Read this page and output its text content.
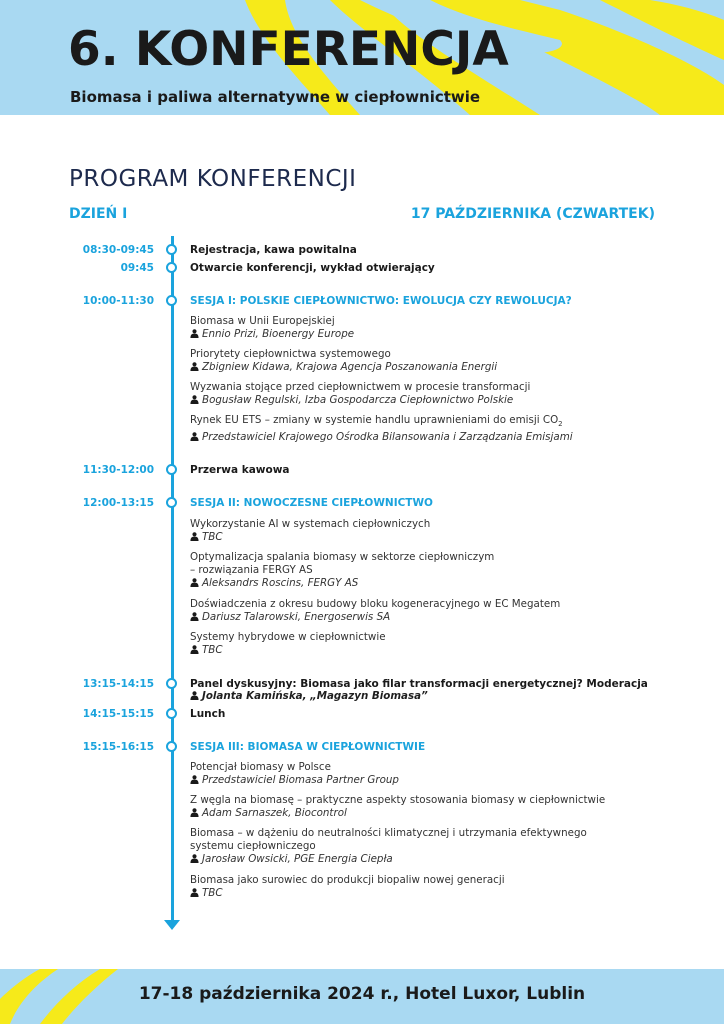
6. KONFERENCJA
Biomasa i paliwa alternatywne w ciepłownictwie
PROGRAM KONFERENCJI
DZIEŃ I	17 PAŹDZIERNIKA (CZWARTEK)
08:30-09:45	Rejestracja, kawa powitalna
09:45	Otwarcie konferencji, wykład otwierający
10:00-11:30	SESJA I: POLSKIE CIEPŁOWNICTWO: EWOLUCJA CZY REWOLUCJA?
Biomasa w Unii Europejskiej
Ennio Prizi, Bioenergy Europe
Priorytety ciepłownictwa systemowego
Zbigniew Kidawa, Krajowa Agencja Poszanowania Energii
Wyzwania stojące przed ciepłownictwem w procesie transformacji
Bogusław Regulski, Izba Gospodarcza Ciepłownictwo Polskie
Rynek EU ETS – zmiany w systemie handlu uprawnieniami do emisji $CO_2$
Przedstawiciel Krajowego Ośrodka Bilansowania i Zarządzania Emisjami
11:30-12:00	Przerwa kawowa
12:00-13:15	SESJA II: NOWOCZESNE CIEPŁOWNICTWO
Wykorzystanie AI w systemach ciepłowniczych
TBC
Optymalizacja spalania biomasy w sektorze ciepłowniczym
– rozwiązania FERGY AS
Aleksandrs Roscins, FERGY AS
Doświadczenia z okresu budowy bloku kogeneracyjnego w EC Megatem
Dariusz Talarowski, Energoserwis SA
Systemy hybrydowe w ciepłownictwie
TBC
13:15-14:15	Panel dyskusyjny: Biomasa jako filar transformacji energetycznej? Moderacja
Jolanta Kamińska, „Magazyn Biomasa”
14:15-15:15	Lunch
15:15-16:15	SESJA III: BIOMASA W CIEPŁOWNICTWIE
Potencjał biomasy w Polsce
Przedstawiciel Biomasa Partner Group
Z węgla na biomasę – praktyczne aspekty stosowania biomasy w ciepłownictwie
Adam Sarnaszek, Biocontrol
Biomasa – w dążeniu do neutralności klimatycznej i utrzymania efektywnego
systemu ciepłowniczego
Jarosław Owsicki, PGE Energia Ciepła
Biomasa jako surowiec do produkcji biopaliw nowej generacji
TBC
17-18 października 2024 r., Hotel Luxor, Lublin
